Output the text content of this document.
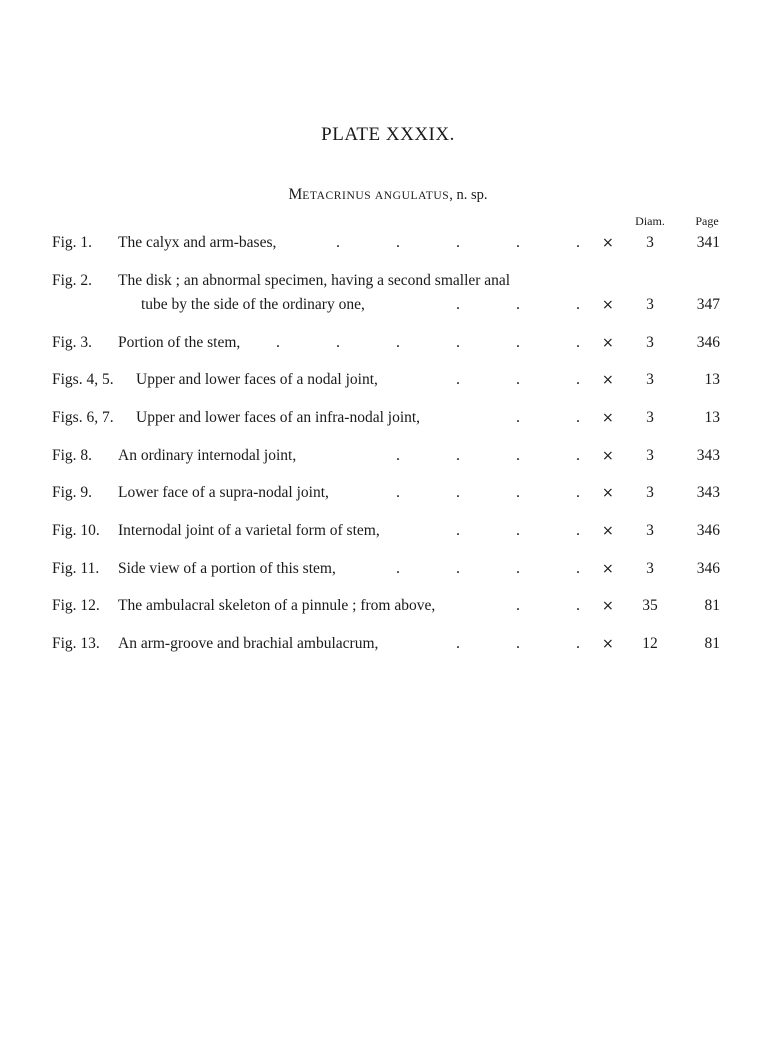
PLATE XXXIX.
METACRINUS ANGULATUS, n. sp.
Diam.	Page
Fig. 1. The calyx and arm-bases,	.	.	.	.	. ×	3	341
Fig. 2. The disk ; an abnormal specimen, having a second smaller anal
tube by the side of the ordinary one,	.	.	. ×	3	347
Fig. 3. Portion of the stem, .	.	.	.	.	. ×	3	346
Figs. 4, 5. Upper and lower faces of a nodal joint,	.	.	. ×	3	13
Figs. 6, 7. Upper and lower faces of an infra-nodal joint,	.	. ×	3	13
Fig. 8. An ordinary internodal joint,	.	.	.	. ×	3	343
Fig. 9. Lower face of a supra-nodal joint,	.	.	.	. ×	3	343
Fig. 10. Internodal joint of a varietal form of stem,	.	.	. ×	3	346
Fig. 11. Side view of a portion of this stem,	.	.	.	. ×	3	346
Fig. 12. The ambulacral skeleton of a pinnule ; from above,	.	. ×	35	81
Fig. 13. An arm-groove and brachial ambulacrum,	.	.	. ×	12	81
